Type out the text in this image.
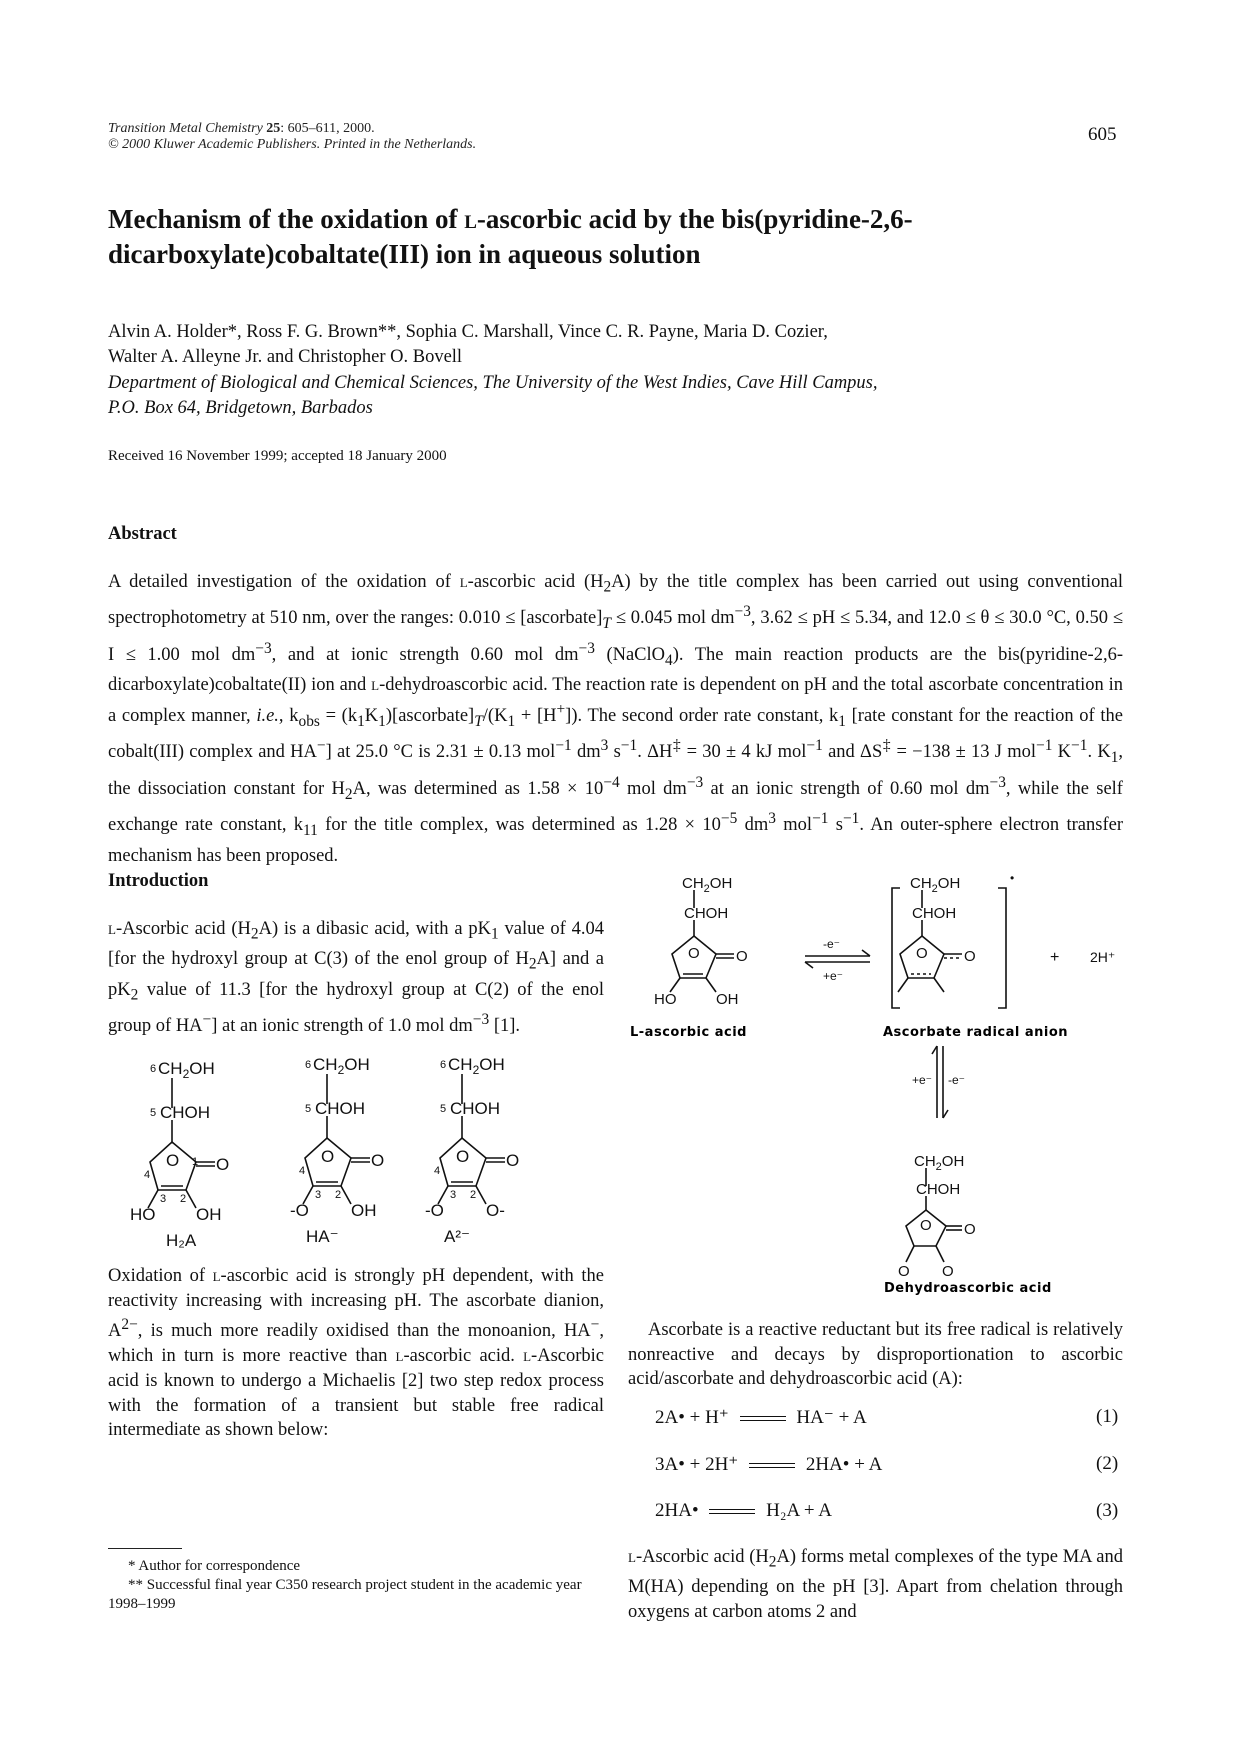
Transition Metal Chemistry 25: 605–611, 2000.
© 2000 Kluwer Academic Publishers. Printed in the Netherlands.	605
Mechanism of the oxidation of l-ascorbic acid by the bis(pyridine-2,6-dicarboxylate)cobaltate(III) ion in aqueous solution
Alvin A. Holder*, Ross F. G. Brown**, Sophia C. Marshall, Vince C. R. Payne, Maria D. Cozier,
Walter A. Alleyne Jr. and Christopher O. Bovell
Department of Biological and Chemical Sciences, The University of the West Indies, Cave Hill Campus,
P.O. Box 64, Bridgetown, Barbados
Received 16 November 1999; accepted 18 January 2000
Abstract
A detailed investigation of the oxidation of l-ascorbic acid $(H_2A)$ by the title complex has been carried out using conventional spectrophotometry at 510 nm, over the ranges: $0.010 \le [ascorbate]_T \le 0.045$ mol $dm^{-3}$, 3.62 ≤ pH ≤ 5.34, and 12.0 ≤ θ ≤ 30.0 °C, 0.50 ≤ I ≤ 1.00 mol $dm^{-3}$, and at ionic strength 0.60 mol $dm^{-3}$ (NaClO$_4$). The main reaction products are the bis(pyridine-2,6-dicarboxylate)cobaltate(II) ion and l-dehydroascorbic acid. The reaction rate is dependent on pH and the total ascorbate concentration in a complex manner, i.e., $k_{obs}$ = $(k_1K_1)[ascorbate]_T/(K_1 + [H^+])$. The second order rate constant, $k_1$ [rate constant for the reaction of the cobalt(III) complex and HA−] at 25.0 °C is 2.31 ± 0.13 mol$^{-1}$ $dm^3$ $s^{-1}$. ΔH‡ = 30 ± 4 kJ mol$^{-1}$ and ΔS‡ = −138 ± 13 J mol$^{-1}$ $K^{-1}$. $K_1$, the dissociation constant for $H_2A$, was determined as $1.58 \times 10^{-4}$ mol $dm^{-3}$ at an ionic strength of 0.60 mol $dm^{-3}$, while the self exchange rate constant, $k_{11}$ for the title complex, was determined as $1.28 \times 10^{-5}$ $dm^3$ mol$^{-1}$ $s^{-1}$. An outer-sphere electron transfer mechanism has been proposed.
Introduction
l-Ascorbic acid $(H_2A)$ is a dibasic acid, with a $pK_1$ value of 4.04 [for the hydroxyl group at C(3) of the enol group of $H_2A$] and a $pK_2$ value of 11.3 [for the hydroxyl group at C(2) of the enol group of HA−] at an ionic strength of 1.0 mol $dm^{-3}$ [1].
$CH_2OH$
6
CHOH
5
O O
HO OH
H₂A
4
3 2
1
$CH_2OH$
6
CHOH
5
O O
-O OH
HA⁻
4
3 2
$CH_2OH$
6
CHOH
5
O O
-O O-
A²⁻
4
3 2
Oxidation of l-ascorbic acid is strongly pH dependent, with the reactivity increasing with increasing pH. The ascorbate dianion, $A^{2-}$, is much more readily oxidised than the monoanion, HA−, which in turn is more reactive than l-ascorbic acid. l-Ascorbic acid is known to undergo a Michaelis [2] two step redox process with the formation of a transient but stable free radical intermediate as shown below:
$CH_2OH$
CHOH
O O
HO	OH
-e⁻
+e⁻
$CH_2OH$
CHOH
O O
•
+ 2H⁺
+e⁻ -e⁻
$CH_2OH$
CHOH
O O
O O
L-ascorbic acid	Ascorbate radical anion
Dehydroascorbic acid
Ascorbate is a reactive reductant but its free radical is relatively nonreactive and decays by disproportionation to ascorbic acid/ascorbate and dehydroascorbic acid (A):
2A• + H⁺	HA⁻ + A	(1)
3A• + 2H⁺	2HA• + A	(2)
2HA•	H₂A + A	(3)
l-Ascorbic acid $(H_2A)$ forms metal complexes of the type MA and M(HA) depending on the pH [3]. Apart from chelation through oxygens at carbon atoms 2 and
* Author for correspondence
** Successful final year C350 research project student in the academic year 1998–1999
